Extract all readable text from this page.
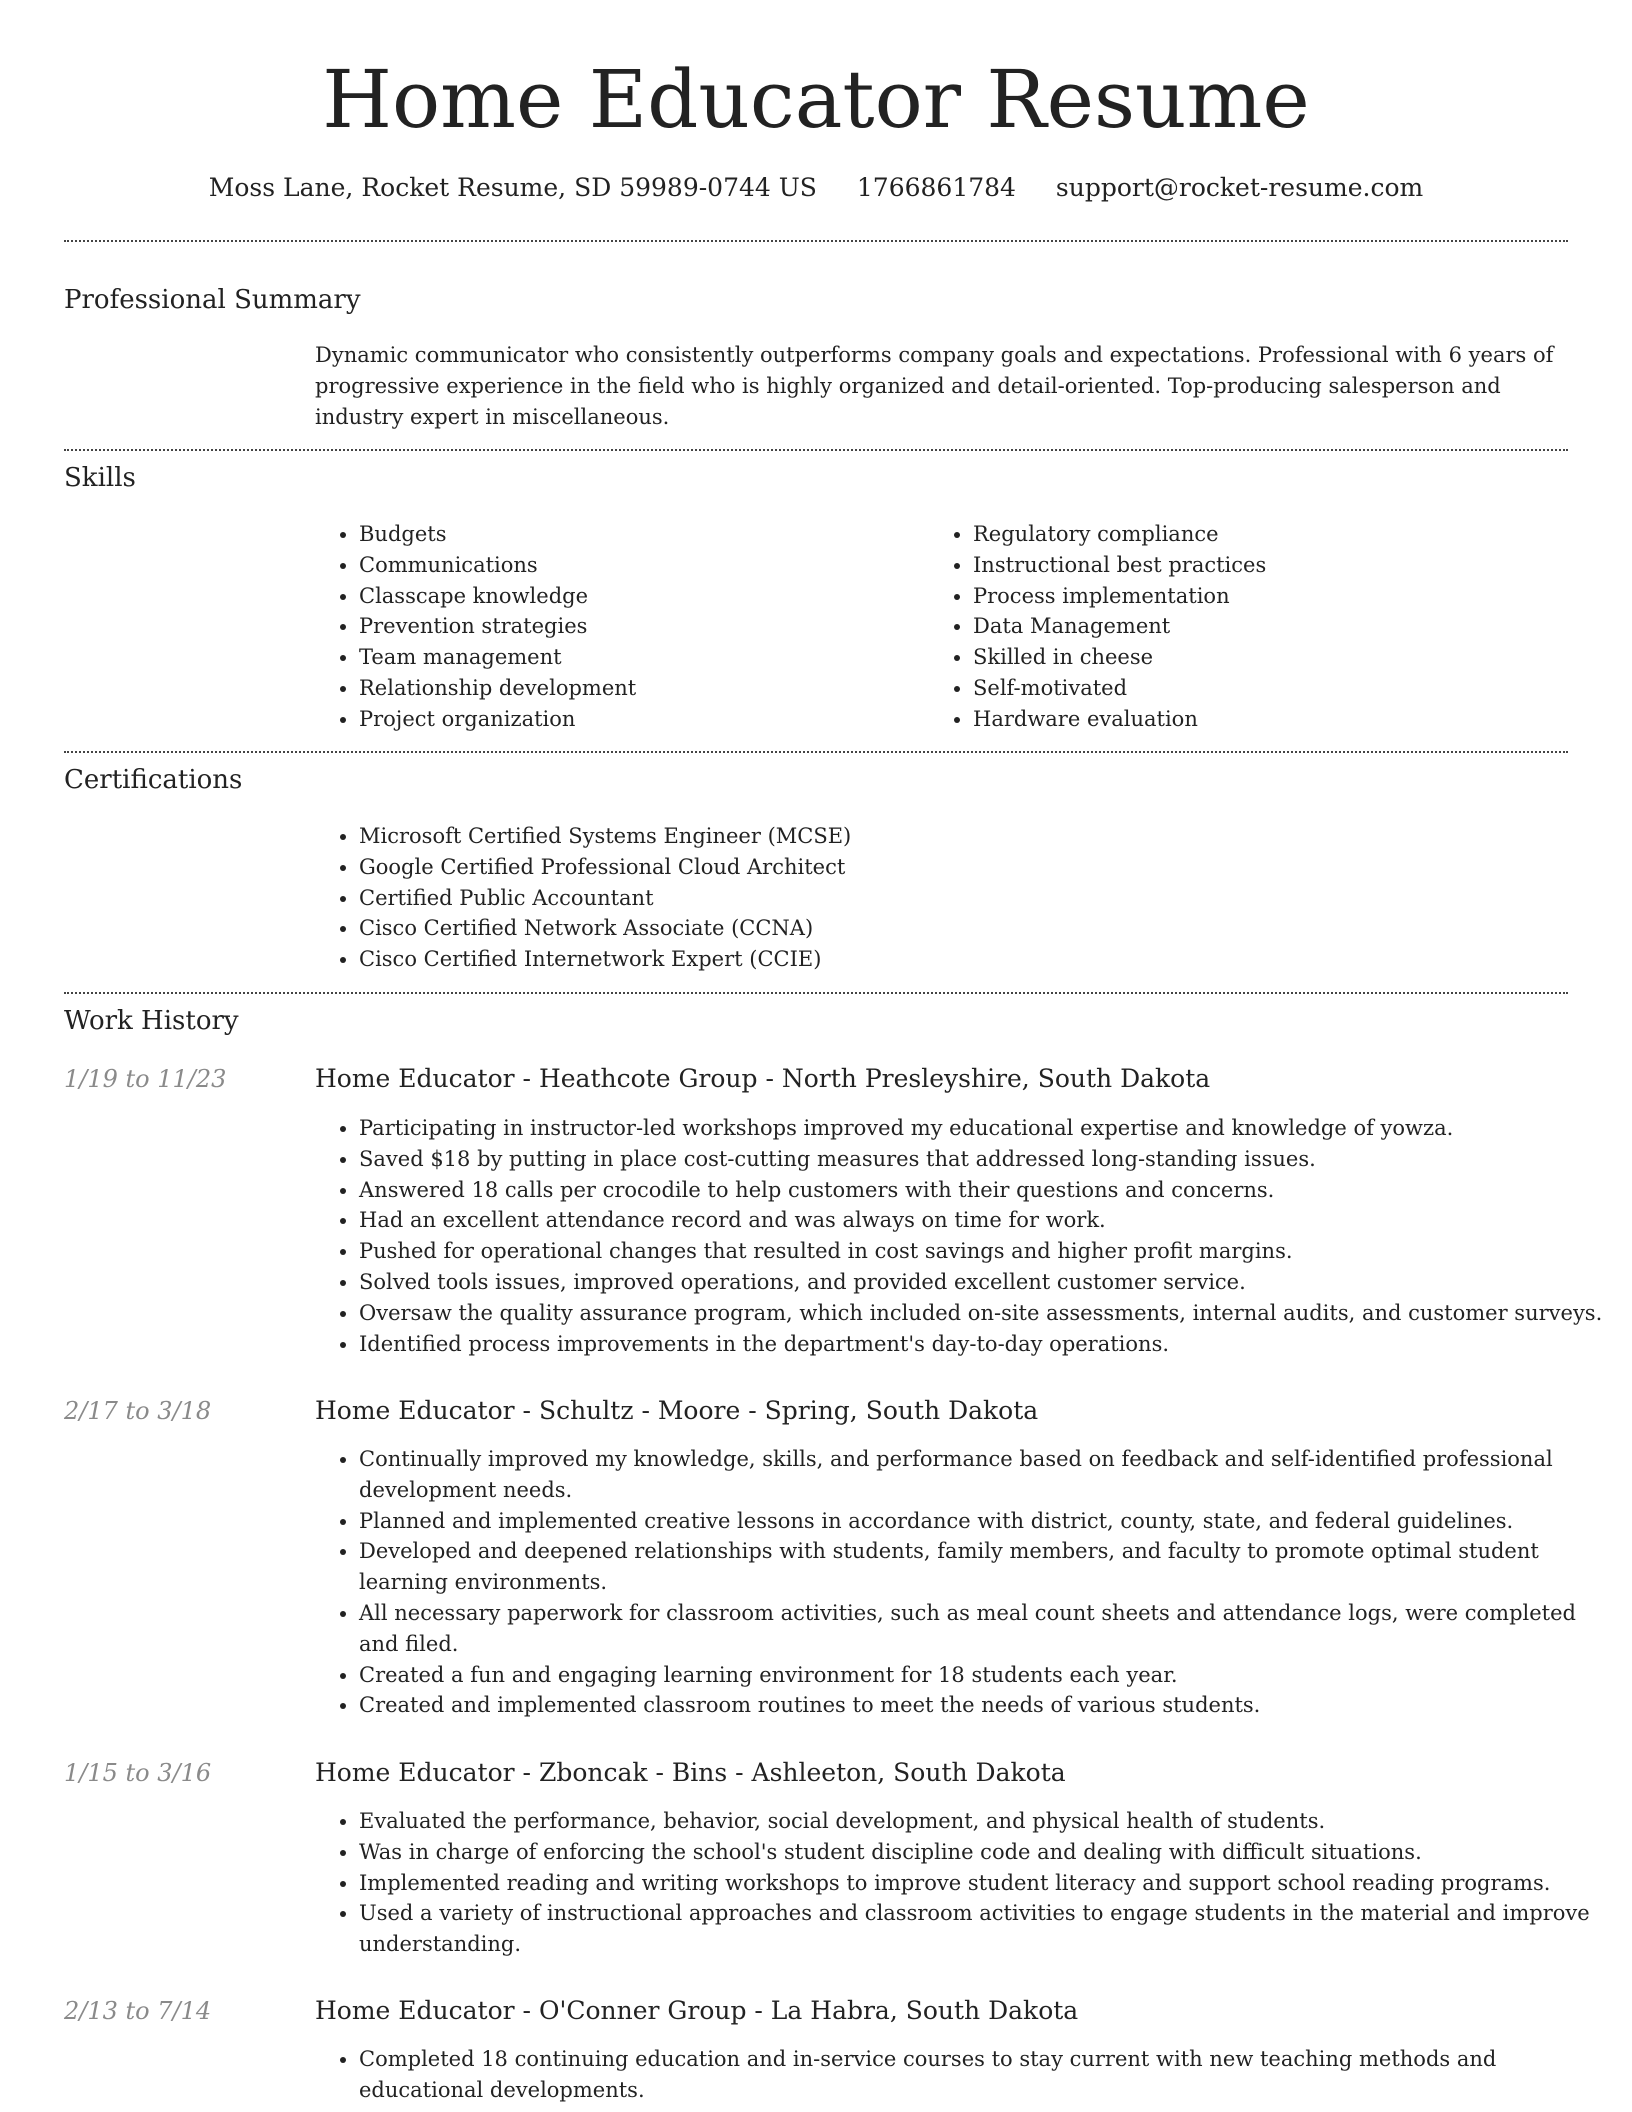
Home Educator Resume
Moss Lane, Rocket Resume, SD 59989-0744 US 1766861784 support@rocket-resume.com
Professional Summary

Dynamic communicator who consistently outperforms company goals and expectations. Professional with 6 years of progressive experience in the field who is highly organized and detail-oriented. Top-producing salesperson and industry expert in miscellaneous.

Skills
• Budgets
• Communications
• Classcape knowledge
• Prevention strategies
• Team management
• Relationship development
• Project organization
• Regulatory compliance
• Instructional best practices
• Process implementation
• Data Management
• Skilled in cheese
• Self-motivated
• Hardware evaluation
Certifications
• Microsoft Certified Systems Engineer (MCSE)
• Google Certified Professional Cloud Architect
• Certified Public Accountant
• Cisco Certified Network Associate (CCNA)
• Cisco Certified Internetwork Expert (CCIE)
Work History
1/19 to 11/23	Home Educator - Heathcote Group - North Presleyshire, South Dakota
• Participating in instructor-led workshops improved my educational expertise and knowledge of yowza.
• Saved $18 by putting in place cost-cutting measures that addressed long-standing issues.
• Answered 18 calls per crocodile to help customers with their questions and concerns.
• Had an excellent attendance record and was always on time for work.
• Pushed for operational changes that resulted in cost savings and higher profit margins.
• Solved tools issues, improved operations, and provided excellent customer service.
• Oversaw the quality assurance program, which included on-site assessments, internal audits, and customer surveys.
• Identified process improvements in the department's day-to-day operations.
2/17 to 3/18	Home Educator - Schultz - Moore - Spring, South Dakota
• Continually improved my knowledge, skills, and performance based on feedback and self-identified professional development needs.
• Planned and implemented creative lessons in accordance with district, county, state, and federal guidelines.
• Developed and deepened relationships with students, family members, and faculty to promote optimal student learning environments.
• All necessary paperwork for classroom activities, such as meal count sheets and attendance logs, were completed and filed.
• Created a fun and engaging learning environment for 18 students each year.
• Created and implemented classroom routines to meet the needs of various students.
1/15 to 3/16	Home Educator - Zboncak - Bins - Ashleeton, South Dakota
• Evaluated the performance, behavior, social development, and physical health of students.
• Was in charge of enforcing the school's student discipline code and dealing with difficult situations.
• Implemented reading and writing workshops to improve student literacy and support school reading programs.
• Used a variety of instructional approaches and classroom activities to engage students in the material and improve understanding.
2/13 to 7/14	Home Educator - O'Conner Group - La Habra, South Dakota
• Completed 18 continuing education and in-service courses to stay current with new teaching methods and educational developments.
